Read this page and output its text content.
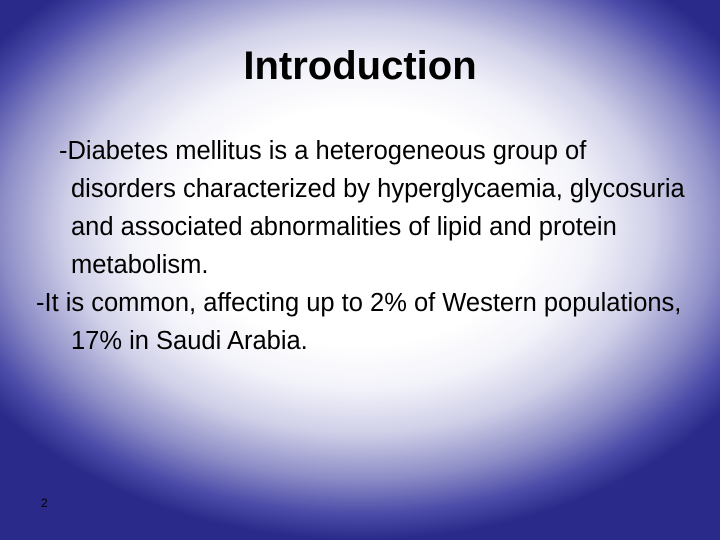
Introduction

-Diabetes mellitus is a heterogeneous group of disorders characterized by hyperglycaemia, glycosuria and associated abnormalities of lipid and protein metabolism.

-It is common, affecting up to 2% of Western populations, 17% in Saudi Arabia.

2
